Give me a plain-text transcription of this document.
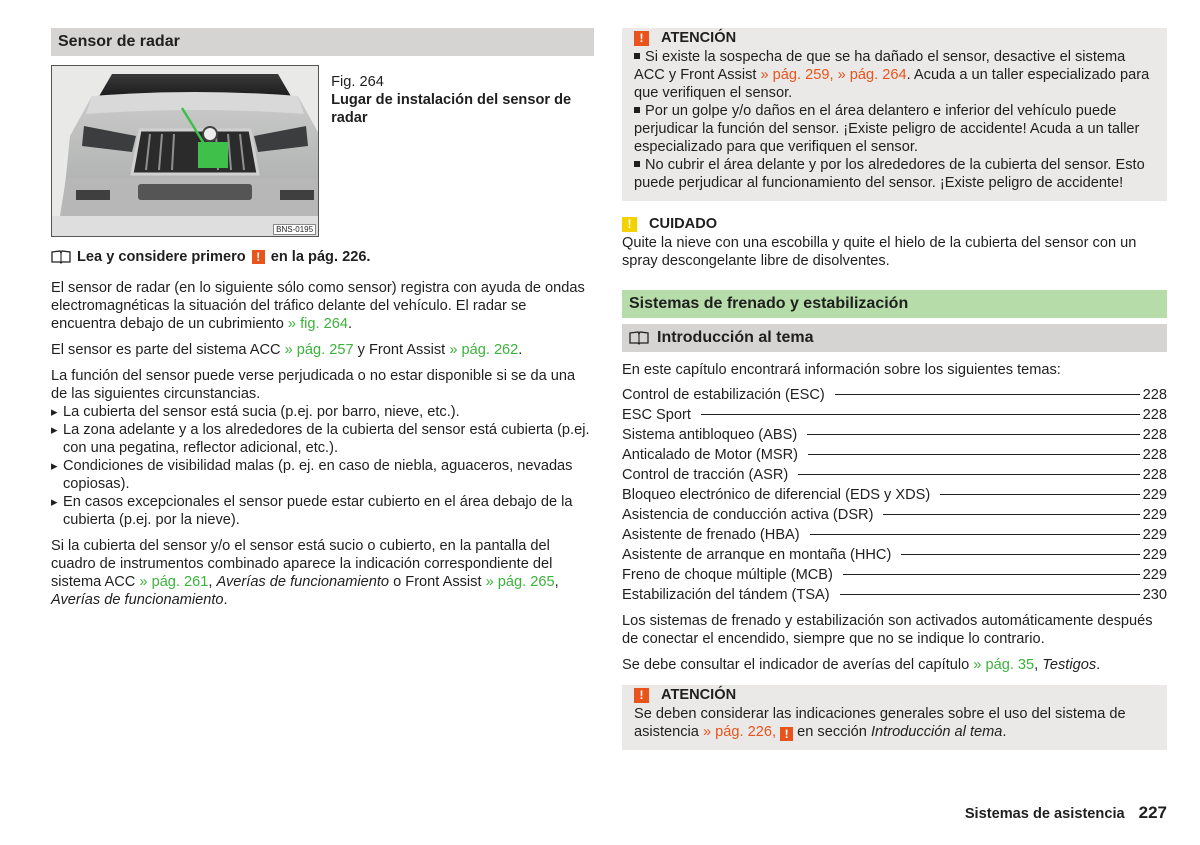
Sensor de radar
BNS-0195
Fig. 264
Lugar de instalación del sensor de radar
Lea y considere primero ! en la pág. 226.

El sensor de radar (en lo siguiente sólo como sensor) registra con ayuda de ondas electromagnéticas la situación del tráfico delante del vehículo. El radar se encuentra debajo de un cubrimiento » fig. 264.

El sensor es parte del sistema ACC » pág. 257 y Front Assist » pág. 262.

La función del sensor puede verse perjudicada o no estar disponible si se da una de las siguientes circunstancias.

▸ La cubierta del sensor está sucia (p.ej. por barro, nieve, etc.).
▸ La zona adelante y a los alrededores de la cubierta del sensor está cubierta (p.ej. con una pegatina, reflector adicional, etc.).
▸ Condiciones de visibilidad malas (p. ej. en caso de niebla, aguaceros, nevadas copiosas).
▸ En casos excepcionales el sensor puede estar cubierto en el área debajo de la cubierta (p.ej. por la nieve).

Si la cubierta del sensor y/o el sensor está sucio o cubierto, en la pantalla del cuadro de instrumentos combinado aparece la indicación correspondiente del sistema ACC » pág. 261, Averías de funcionamiento o Front Assist » pág. 265, Averías de funcionamiento.

!	ATENCIÓN
Si existe la sospecha de que se ha dañado el sensor, desactive el sistema ACC y Front Assist » pág. 259, » pág. 264. Acuda a un taller especializado para que verifiquen el sensor.
Por un golpe y/o daños en el área delantero e inferior del vehículo puede perjudicar la función del sensor. ¡Existe peligro de accidente! Acuda a un taller especializado para que verifiquen el sensor.
No cubrir el área delante y por los alrededores de la cubierta del sensor. Esto puede perjudicar al funcionamiento del sensor. ¡Existe peligro de accidente!
!	CUIDADO
Quite la nieve con una escobilla y quite el hielo de la cubierta del sensor con un spray descongelante libre de disolventes.
Sistemas de frenado y estabilización
Introducción al tema

En este capítulo encontrará información sobre los siguientes temas:

Control de estabilización (ESC)	228
ESC Sport	228
Sistema antibloqueo (ABS)	228
Anticalado de Motor (MSR)	228
Control de tracción (ASR)	228
Bloqueo electrónico de diferencial (EDS y XDS)	229
Asistencia de conducción activa (DSR)	229
Asistente de frenado (HBA)	229
Asistente de arranque en montaña (HHC)	229
Freno de choque múltiple (MCB)	229
Estabilización del tándem (TSA)	230

Los sistemas de frenado y estabilización son activados automáticamente después de conectar el encendido, siempre que no se indique lo contrario.

Se debe consultar el indicador de averías del capítulo » pág. 35, Testigos.

!	ATENCIÓN
Se deben considerar las indicaciones generales sobre el uso del sistema de asistencia » pág. 226, ! en sección Introducción al tema.
Sistemas de asistencia 227
